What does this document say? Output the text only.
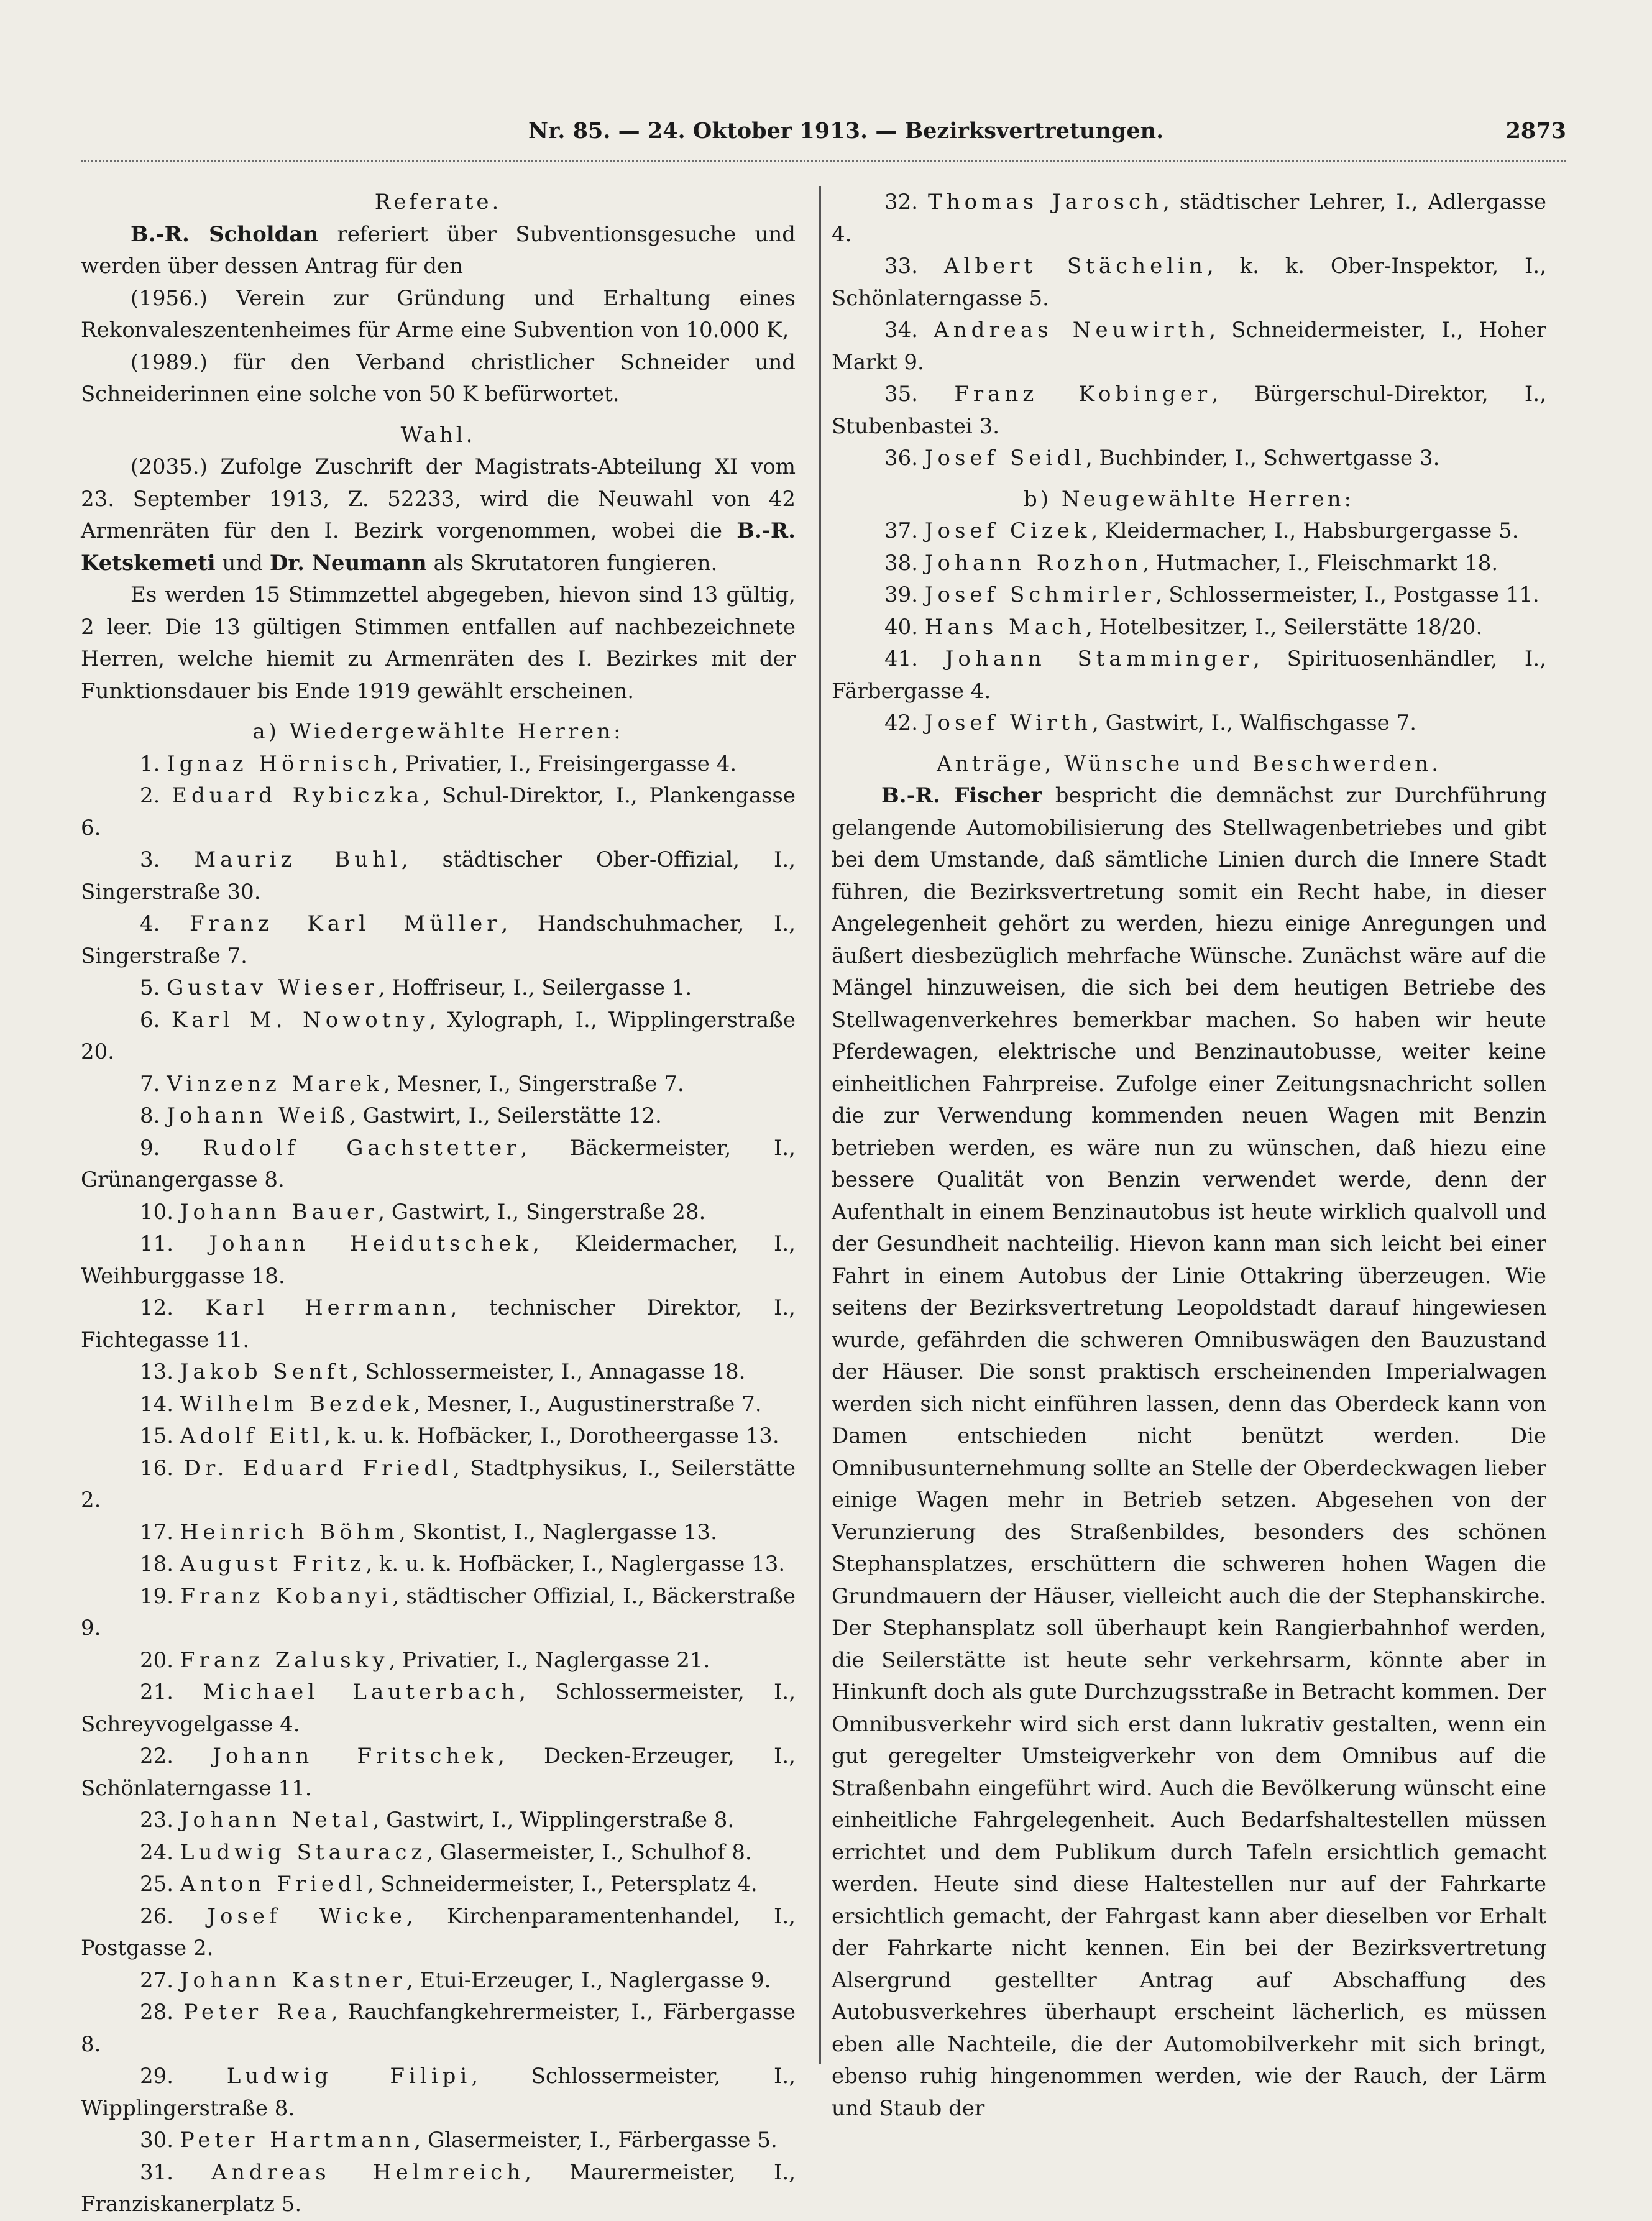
Nr. 85. — 24. Oktober 1913. — Bezirksvertretungen.	2873

Referate.

B.-R. Scholdan referiert über Subventionsgesuche und werden über dessen Antrag für den

(1956.) Verein zur Gründung und Erhaltung eines Rekonvaleszentenheimes für Arme eine Subvention von 10.000 K,

(1989.) für den Verband christlicher Schneider und Schneiderinnen eine solche von 50 K befürwortet.

Wahl.

(2035.) Zufolge Zuschrift der Magistrats-Abteilung XI vom 23. September 1913, Z. 52233, wird die Neuwahl von 42 Armenräten für den I. Bezirk vorgenommen, wobei die B.-R. Ketskemeti und Dr. Neumann als Skrutatoren fungieren.

Es werden 15 Stimmzettel abgegeben, hievon sind 13 gültig, 2 leer. Die 13 gültigen Stimmen entfallen auf nachbezeichnete Herren, welche hiemit zu Armenräten des I. Bezirkes mit der Funktionsdauer bis Ende 1919 gewählt erscheinen.

a) Wiedergewählte Herren:

1. Ignaz Hörnisch, Privatier, I., Freisingergasse 4.

2. Eduard Rybiczka, Schul-Direktor, I., Plankengasse 6.

3. Mauriz Buhl, städtischer Ober-Offizial, I., Singerstraße 30.

4. Franz Karl Müller, Handschuhmacher, I., Singerstraße 7.

5. Gustav Wieser, Hoffriseur, I., Seilergasse 1.

6. Karl M. Nowotny, Xylograph, I., Wipplingerstraße 20.

7. Vinzenz Marek, Mesner, I., Singerstraße 7.

8. Johann Weiß, Gastwirt, I., Seilerstätte 12.

9. Rudolf Gachstetter, Bäckermeister, I., Grünangergasse 8.

10. Johann Bauer, Gastwirt, I., Singerstraße 28.

11. Johann Heidutschek, Kleidermacher, I., Weihburggasse 18.

12. Karl Herrmann, technischer Direktor, I., Fichtegasse 11.

13. Jakob Senft, Schlossermeister, I., Annagasse 18.

14. Wilhelm Bezdek, Mesner, I., Augustinerstraße 7.

15. Adolf Eitl, k. u. k. Hofbäcker, I., Dorotheergasse 13.

16. Dr. Eduard Friedl, Stadtphysikus, I., Seilerstätte 2.

17. Heinrich Böhm, Skontist, I., Naglergasse 13.

18. August Fritz, k. u. k. Hofbäcker, I., Naglergasse 13.

19. Franz Kobanyi, städtischer Offizial, I., Bäckerstraße 9.

20. Franz Zalusky, Privatier, I., Naglergasse 21.

21. Michael Lauterbach, Schlossermeister, I., Schreyvogelgasse 4.

22. Johann Fritschek, Decken-Erzeuger, I., Schönlaterngasse 11.

23. Johann Netal, Gastwirt, I., Wipplingerstraße 8.

24. Ludwig Stauracz, Glasermeister, I., Schulhof 8.

25. Anton Friedl, Schneidermeister, I., Petersplatz 4.

26. Josef Wicke, Kirchenparamentenhandel, I., Postgasse 2.

27. Johann Kastner, Etui-Erzeuger, I., Naglergasse 9.

28. Peter Rea, Rauchfangkehrermeister, I., Färbergasse 8.

29.	Ludwig Filipi, Schlossermeister, I., Wipplingerstraße 8.

30. Peter Hartmann, Glasermeister, I., Färbergasse 5.

31. Andreas Helmreich, Maurermeister, I., Franziskanerplatz 5.

32. Thomas Jarosch, städtischer Lehrer, I., Adlergasse 4.

33. Albert Stächelin, k. k. Ober-Inspektor, I., Schönlaterngasse 5.

34. Andreas Neuwirth, Schneidermeister, I., Hoher Markt 9.

35. Franz Kobinger, Bürgerschul-Direktor, I., Stubenbastei 3.

36. Josef Seidl, Buchbinder, I., Schwertgasse 3.

b) Neugewählte Herren:

37. Josef Cizek, Kleidermacher, I., Habsburgergasse 5.

38. Johann Rozhon, Hutmacher, I., Fleischmarkt 18.

39. Josef Schmirler, Schlossermeister, I., Postgasse 11.

40. Hans Mach, Hotelbesitzer, I., Seilerstätte 18/20.

41. Johann Stamminger, Spirituosenhändler, I., Färbergasse 4.

42. Josef Wirth, Gastwirt, I., Walfischgasse 7.

Anträge, Wünsche und Beschwerden.

B.-R. Fischer bespricht die demnächst zur Durchführung gelangende Automobilisierung des Stellwagenbetriebes und gibt bei dem Umstande, daß sämtliche Linien durch die Innere Stadt führen, die Bezirksvertretung somit ein Recht habe, in dieser Angelegenheit gehört zu werden, hiezu einige Anregungen und äußert diesbezüglich mehrfache Wünsche. Zunächst wäre auf die Mängel hinzuweisen, die sich bei dem heutigen Betriebe des Stellwagenverkehres bemerkbar machen. So haben wir heute Pferdewagen, elektrische und Benzinautobusse, weiter keine einheitlichen Fahrpreise. Zufolge einer Zeitungsnachricht sollen die zur Verwendung kommenden neuen Wagen mit Benzin betrieben werden, es wäre nun zu wünschen, daß hiezu eine bessere Qualität von Benzin verwendet werde, denn der Aufenthalt in einem Benzinautobus ist heute wirklich qualvoll und der Gesundheit nachteilig. Hievon kann man sich leicht bei einer Fahrt in einem Autobus der Linie Ottakring überzeugen. Wie seitens der Bezirksvertretung Leopoldstadt darauf hingewiesen wurde, gefährden die schweren Omnibuswägen den Bauzustand der Häuser. Die sonst praktisch erscheinenden Imperialwagen werden sich nicht einführen lassen, denn das Oberdeck kann von Damen entschieden nicht benützt werden. Die Omnibusunternehmung sollte an Stelle der Oberdeckwagen lieber einige Wagen mehr in Betrieb setzen. Abgesehen von der Verunzierung des Straßenbildes, besonders des schönen Stephansplatzes, erschüttern die schweren hohen Wagen die Grundmauern der Häuser, vielleicht auch die der Stephanskirche. Der Stephansplatz soll überhaupt kein Rangierbahnhof werden, die Seilerstätte ist heute sehr verkehrsarm, könnte aber in Hinkunft doch als gute Durchzugsstraße in Betracht kommen. Der Omnibusverkehr wird sich erst dann lukrativ gestalten, wenn ein gut geregelter Umsteigverkehr von dem Omnibus auf die Straßenbahn eingeführt wird. Auch die Bevölkerung wünscht eine einheitliche Fahrgelegenheit. Auch Bedarfshaltestellen müssen errichtet und dem Publikum durch Tafeln ersichtlich gemacht werden. Heute sind diese Haltestellen nur auf der Fahrkarte ersichtlich gemacht, der Fahrgast kann aber dieselben vor Erhalt der Fahrkarte nicht kennen. Ein bei der Bezirksvertretung Alsergrund gestellter Antrag auf Abschaffung des Autobusverkehres überhaupt erscheint lächerlich, es müssen eben alle Nachteile, die der Automobilverkehr mit sich bringt, ebenso ruhig hingenommen werden, wie der Rauch, der Lärm und Staub der
